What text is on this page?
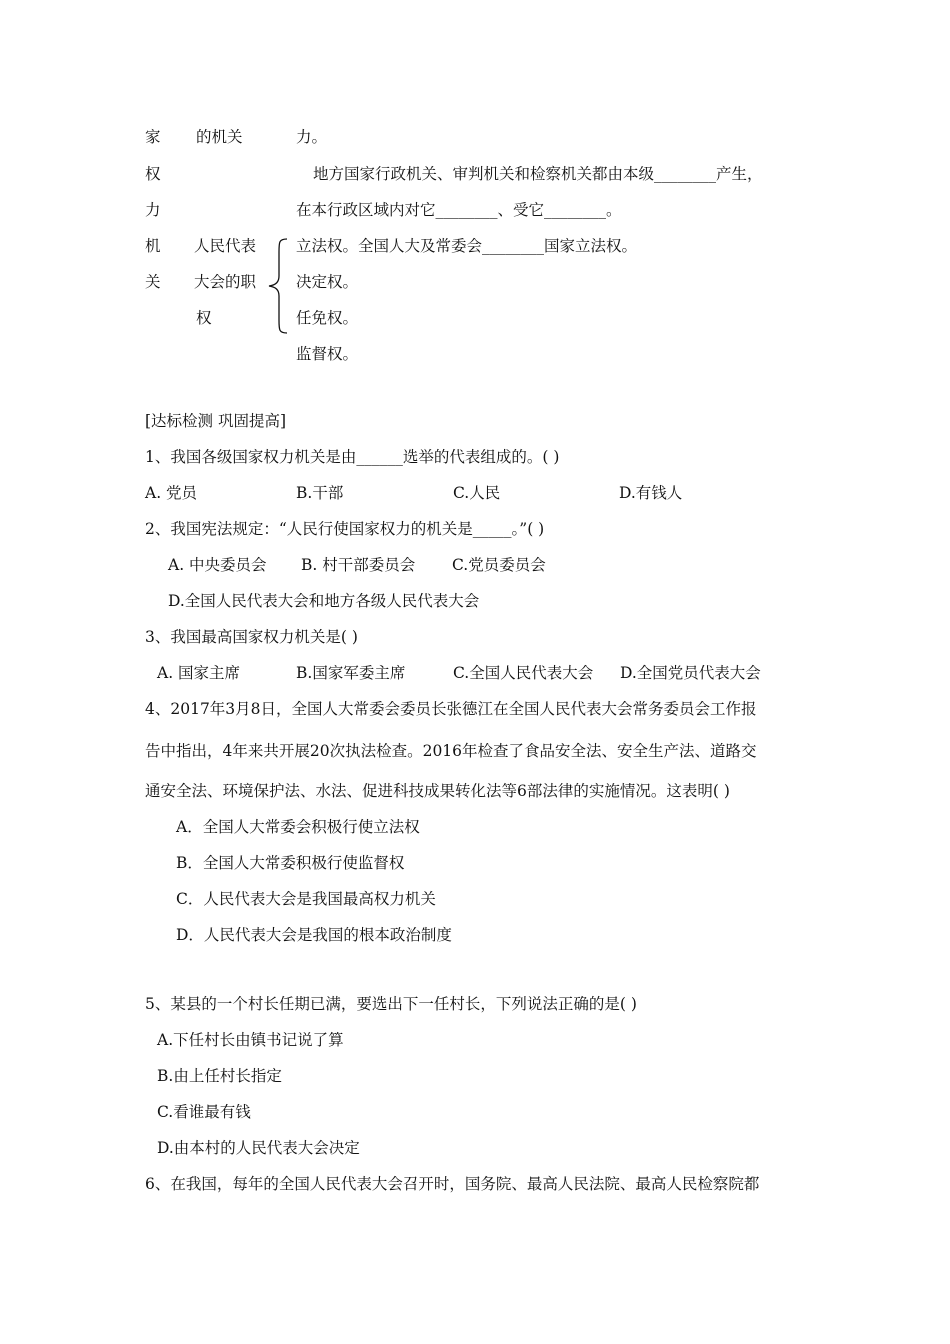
家
权
力
机
关
的机关	力。
地方国家行政机关、审判机关和检察机关都由本级________产生，
在本行政区域内对它________、受它________。
人民代表
大会的职
权
立法权。全国人大及常委会________国家立法权。
决定权。
任免权。
监督权。
[达标检测 巩固提高]
1、我国各级国家权力机关是由______选举的代表组成的。( )
A. 党员	B.干部	C.人民	D.有钱人
2、我国宪法规定：“人民行使国家权力的机关是_____。”( )
A. 中央委员会 B. 村干部委员会 C.党员委员会
D.全国人民代表大会和地方各级人民代表大会
3、我国最高国家权力机关是( )
A. 国家主席	B.国家军委主席	C.全国人民代表大会 D.全国党员代表大会
4、2017年3月8日，全国人大常委会委员长张德江在全国人民代表大会常务委员会工作报
告中指出，4年来共开展20次执法检查。2016年检查了食品安全法、安全生产法、道路交
通安全法、环境保护法、水法、促进科技成果转化法等6部法律的实施情况。这表明( )
A．全国人大常委会积极行使立法权
B．全国人大常委积极行使监督权
C．人民代表大会是我国最高权力机关
D．人民代表大会是我国的根本政治制度
5、某县的一个村长任期已满，要选出下一任村长，下列说法正确的是( )
A.下任村长由镇书记说了算
B.由上任村长指定
C.看谁最有钱
D.由本村的人民代表大会决定
6、在我国，每年的全国人民代表大会召开时，国务院、最高人民法院、最高人民检察院都
